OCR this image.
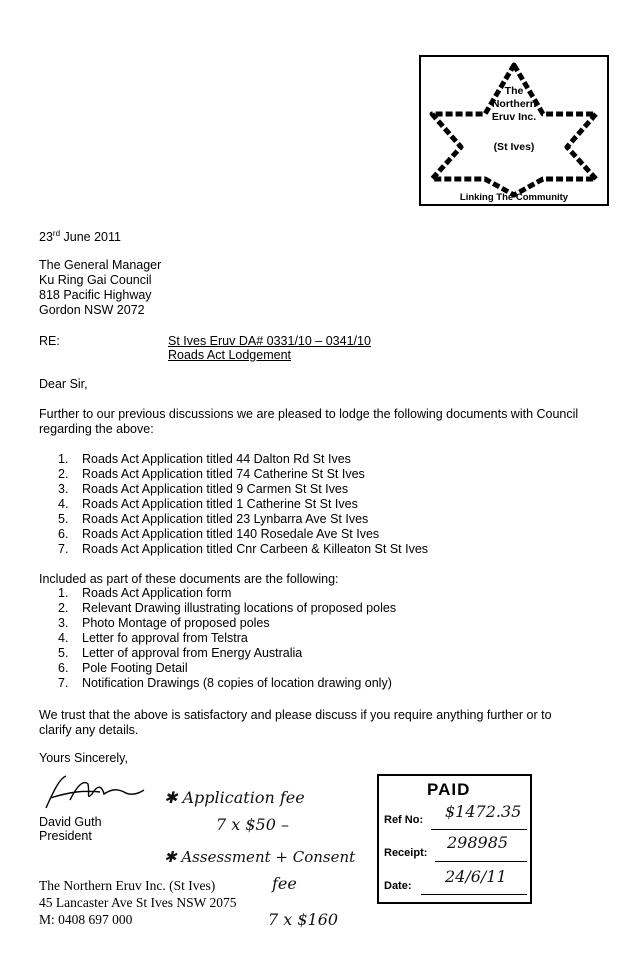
The
Northern
Eruv Inc.
(St Ives)
Linking The Community
23rd June 2011
The General Manager
Ku Ring Gai Council
818 Pacific Highway
Gordon NSW 2072
RE:	St Ives Eruv DA# 0331/10 – 0341/10
Roads Act Lodgement
Dear Sir,
Further to our previous discussions we are pleased to lodge the following documents with Council
regarding the above:
1. Roads Act Application titled 44 Dalton Rd St Ives
2. Roads Act Application titled 74 Catherine St St Ives
3. Roads Act Application titled 9 Carmen St St Ives
4. Roads Act Application titled 1 Catherine St St Ives
5. Roads Act Application titled 23 Lynbarra Ave St Ives
6. Roads Act Application titled 140 Rosedale Ave St Ives
7. Roads Act Application titled Cnr Carbeen & Killeaton St St Ives
Included as part of these documents are the following:
1. Roads Act Application form
2. Relevant Drawing illustrating locations of proposed poles
3. Photo Montage of proposed poles
4. Letter fo approval from Telstra
5. Letter of approval from Energy Australia
6. Pole Footing Detail
7. Notification Drawings (8 copies of location drawing only)
We trust that the above is satisfactory and please discuss if you require anything further or to
clarify any details.
Yours Sincerely,
David Guth
President
The Northern Eruv Inc. (St Ives)
45 Lancaster Ave St Ives NSW 2075
M: 0408 697 000
✱ Application fee
7 x $50 –
✱ Assessment + Consent
fee
7 x $160
PAID
Ref No: $1472.35
Receipt:
298985
Date: 24/6/11
